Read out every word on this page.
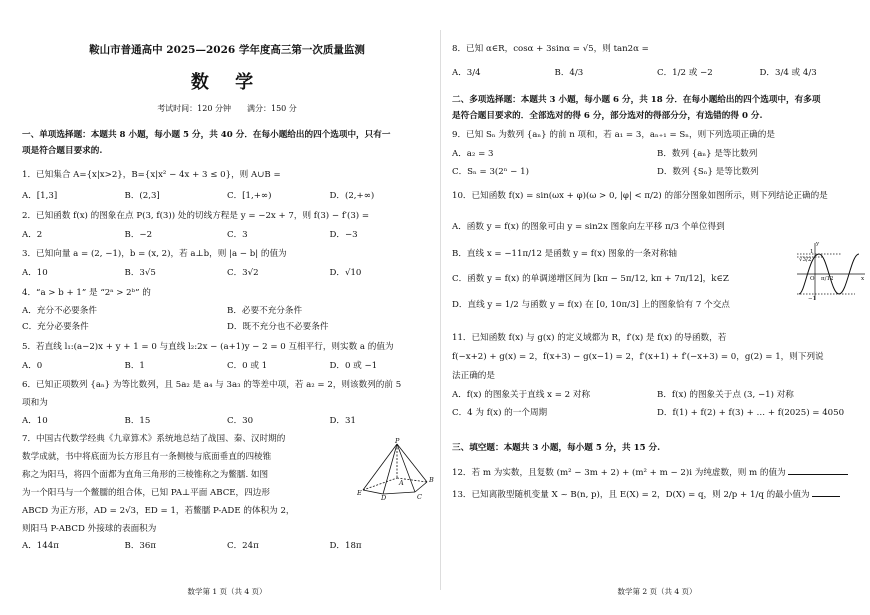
鞍山市普通高中 2025—2026 学年度高三第一次质量监测
数 学
考试时间：120 分钟　　满分：150 分
一、单项选择题：本题共 8 小题，每小题 5 分，共 40 分．在每小题给出的四个选项中，只有一
项是符合题目要求的.
1．已知集合 A={x|x>2}，B={x|x² − 4x + 3 ≤ 0}，则 A∪B =
A．[1,3]	B．(2,3]	C．[1,+∞)	D．(2,+∞)
2．已知函数 f(x) 的图象在点 P(3, f(3)) 处的切线方程是 y = −2x + 7，则 f(3) − f′(3) =
A．2	B．−2	C．3	D．−3
3．已知向量 a = (2, −1)，b = (x, 2)，若 a⊥b，则 |a − b| 的值为
A．10	B．3√5	C．3√2	D．√10
4．“a > b + 1” 是 “2ᵃ > 2ᵇ” 的
A．充分不必要条件	B．必要不充分条件
C．充分必要条件	D．既不充分也不必要条件
5．若直线 l₁:(a−2)x + y + 1 = 0 与直线 l₂:2x − (a+1)y − 2 = 0 互相平行，则实数 a 的值为
A．0	B．1	C．0 或 1	D．0 或 −1
6．已知正项数列 {aₙ} 为等比数列，且 5a₂ 是 a₄ 与 3a₃ 的等差中项，若 a₂ = 2，则该数列的前 5
项和为
A．10	B．15	C．30	D．31
7．中国古代数学经典《九章算术》系统地总结了战国、秦、汉时期的
数学成就，书中将底面为长方形且有一条侧棱与底面垂直的四棱锥
称之为阳马，将四个面都为直角三角形的三棱锥称之为鳖臑. 如图
为一个阳马与一个鳖臑的组合体，已知 PA⊥平面 ABCE，四边形
ABCD 为正方形，AD = 2√3，ED = 1，若鳖臑 P-ADE 的体积为 2，
则阳马 P-ABCD 外接球的表面积为
A．144π	B．36π	C．24π	D．18π
P
A	B
C
D
E
数学第 1 页（共 4 页）
8．已知 α∈R，cosα + 3sinα = √5，则 tan2α =
A．3/4	B．4/3	C．1/2 或 −2	D．3/4 或 4/3
二、多项选择题：本题共 3 小题，每小题 6 分，共 18 分．在每小题给出的四个选项中，有多项
是符合题目要求的．全部选对的得 6 分，部分选对的得部分分，有选错的得 0 分.
9．已知 Sₙ 为数列 {aₙ} 的前 n 项和，若 a₁ = 3，aₙ₊₁ = Sₙ，则下列选项正确的是
A．a₂ = 3	B．数列 {aₙ} 是等比数列
C．Sₙ = 3(2ⁿ − 1)	D．数列 {Sₙ} 是等比数列
10．已知函数 f(x) = sin(ωx + φ)(ω > 0, |φ| < π/2) 的部分图象如图所示，则下列结论正确的是
A．函数 y = f(x) 的图象可由 y = sin2x 图象向左平移 π/3 个单位得到
B．直线 x = −11π/12 是函数 y = f(x) 图象的一条对称轴
C．函数 y = f(x) 的单调递增区间为 [kπ − 5π/12, kπ + 7π/12]，k∈Z
D．直线 y = 1/2 与函数 y = f(x) 在 [0, 10π/3] 上的图象恰有 7 个交点
y
1
√3/2
O π/12	x
−1
11．已知函数 f(x) 与 g(x) 的定义域都为 R，f′(x) 是 f(x) 的导函数，若
f(−x+2) + g(x) = 2，f(x+3) − g(x−1) = 2，f′(x+1) + f′(−x+3) = 0，g(2) = 1，则下列说
法正确的是
A．f(x) 的图象关于直线 x = 2 对称	B．f(x) 的图象关于点 (3, −1) 对称
C．4 为 f(x) 的一个周期	D．f(1) + f(2) + f(3) + … + f(2025) = 4050
三、填空题：本题共 3 小题，每小题 5 分，共 15 分.
12．若 m 为实数，且复数 (m² − 3m + 2) + (m² + m − 2)i 为纯虚数，则 m 的值为
13．已知离散型随机变量 X ~ B(n, p)，且 E(X) = 2，D(X) = q，则 2/p + 1/q 的最小值为
数学第 2 页（共 4 页）
